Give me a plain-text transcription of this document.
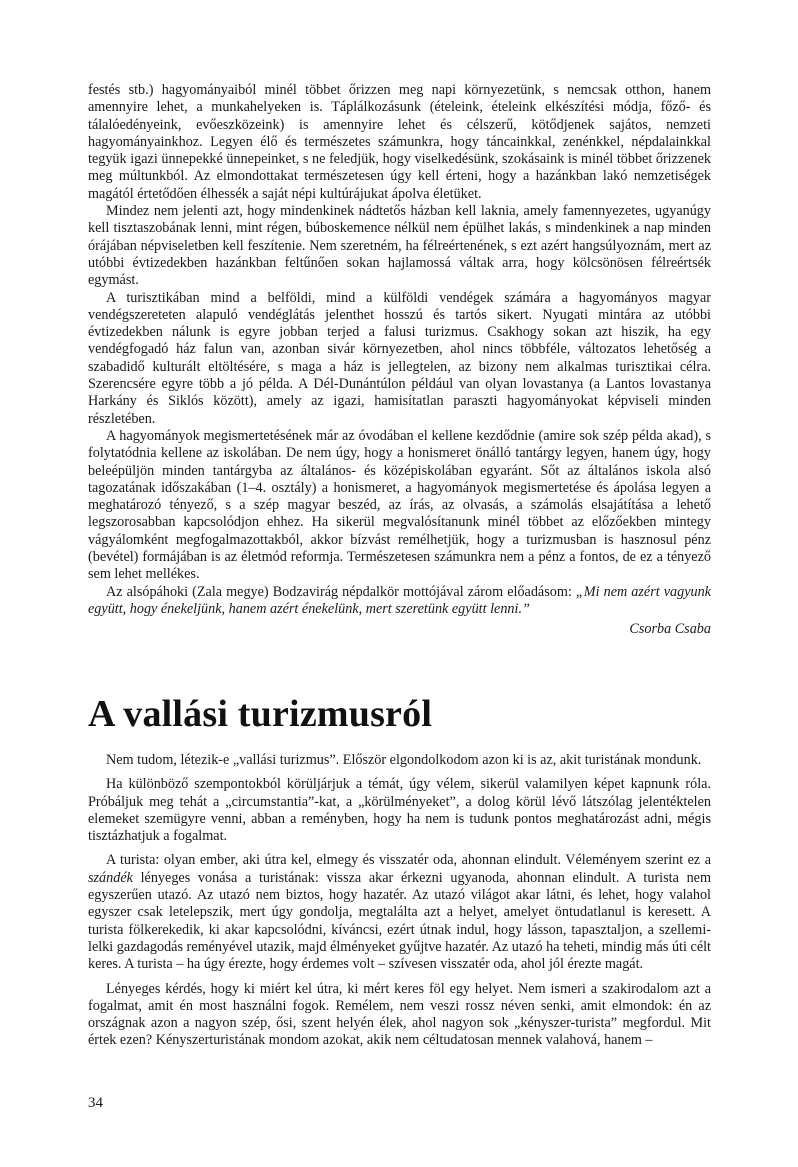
festés stb.) hagyományaiból minél többet őrizzen meg napi környezetünk, s nemcsak otthon, hanem amennyire lehet, a munkahelyeken is. Táplálkozásunk (ételeink, ételeink elkészítési módja, főző- és tálalóedényeink, evőeszközeink) is amennyire lehet és célszerű, kötődjenek sajátos, nemzeti hagyományainkhoz. Legyen élő és természetes számunkra, hogy táncainkkal, zenénkkel, népdalainkkal tegyük igazi ünnepekké ünnepeinket, s ne feledjük, hogy viselkedésünk, szokásaink is minél többet őrizzenek meg múltunkból. Az elmondottakat természetesen úgy kell érteni, hogy a hazánkban lakó nemzetiségek magától értetődően élhessék a saját népi kultúrájukat ápolva életüket.

Mindez nem jelenti azt, hogy mindenkinek nádtetős házban kell laknia, amely famennyezetes, ugyanúgy kell tisztaszobának lenni, mint régen, búboskemence nélkül nem épülhet lakás, s mindenkinek a nap minden órájában népviseletben kell feszítenie. Nem szeretném, ha félreértenének, s ezt azért hangsúlyoznám, mert az utóbbi évtizedekben hazánkban feltűnően sokan hajlamossá váltak arra, hogy kölcsönösen félreértsék egymást.

A turisztikában mind a belföldi, mind a külföldi vendégek számára a hagyományos magyar vendégszereteten alapuló vendéglátás jelenthet hosszú és tartós sikert. Nyugati mintára az utóbbi évtizedekben nálunk is egyre jobban terjed a falusi turizmus. Csakhogy sokan azt hiszik, ha egy vendégfogadó ház falun van, azonban sivár környezetben, ahol nincs többféle, változatos lehetőség a szabadidő kulturált eltöltésére, s maga a ház is jellegtelen, az bizony nem alkalmas turisztikai célra. Szerencsére egyre több a jó példa. A Dél-Dunántúlon például van olyan lovastanya (a Lantos lovastanya Harkány és Siklós között), amely az igazi, hamisítatlan paraszti hagyományokat képviseli minden részletében.

A hagyományok megismertetésének már az óvodában el kellene kezdődnie (amire sok szép példa akad), s folytatódnia kellene az iskolában. De nem úgy, hogy a honismeret önálló tantárgy legyen, hanem úgy, hogy beleépüljön minden tantárgyba az általános- és középiskolában egyaránt. Sőt az általános iskola alsó tagozatának időszakában (1–4. osztály) a honismeret, a hagyományok megismertetése és ápolása legyen a meghatározó tényező, s a szép magyar beszéd, az írás, az olvasás, a számolás elsajátítása a lehető legszorosabban kapcsolódjon ehhez. Ha sikerül megvalósítanunk minél többet az előzőekben mintegy vágyálomként megfogalmazottakból, akkor bízvást remélhetjük, hogy a turizmusban is hasznosul pénz (bevétel) formájában is az életmód reformja. Természetesen számunkra nem a pénz a fontos, de ez a tényező sem lehet mellékes.

Az alsópáhoki (Zala megye) Bodzavirág népdalkör mottójával zárom előadásom: „Mi nem azért vagyunk együtt, hogy énekeljünk, hanem azért énekelünk, mert szeretünk együtt lenni.”

Csorba Csaba
A vallási turizmusról

Nem tudom, létezik-e „vallási turizmus”. Először elgondolkodom azon ki is az, akit turistának mondunk.

Ha különböző szempontokból körüljárjuk a témát, úgy vélem, sikerül valamilyen képet kapnunk róla. Próbáljuk meg tehát a „circumstantia”-kat, a „körülményeket”, a dolog körül lévő látszólag jelentéktelen elemeket szemügyre venni, abban a reményben, hogy ha nem is tudunk pontos meghatározást adni, mégis tisztázhatjuk a fogalmat.

A turista: olyan ember, aki útra kel, elmegy és visszatér oda, ahonnan elindult. Véleményem szerint ez a szándék lényeges vonása a turistának: vissza akar érkezni ugyanoda, ahonnan elindult. A turista nem egyszerűen utazó. Az utazó nem biztos, hogy hazatér. Az utazó világot akar látni, és lehet, hogy valahol egyszer csak letelepszik, mert úgy gondolja, megtalálta azt a helyet, amelyet öntudatlanul is keresett. A turista fölkerekedik, ki akar kapcsolódni, kíváncsi, ezért útnak indul, hogy lásson, tapasztaljon, a szellemi-lelki gazdagodás reményével utazik, majd élményeket gyűjtve hazatér. Az utazó ha teheti, mindig más úti célt keres. A turista – ha úgy érezte, hogy érdemes volt – szívesen visszatér oda, ahol jól érezte magát.

Lényeges kérdés, hogy ki miért kel útra, ki mért keres föl egy helyet. Nem ismeri a szakirodalom azt a fogalmat, amit én most használni fogok. Remélem, nem veszi rossz néven senki, amit elmondok: én az országnak azon a nagyon szép, ősi, szent helyén élek, ahol nagyon sok „kényszer-turista” megfordul. Mit értek ezen? Kényszerturistának mondom azokat, akik nem céltudatosan mennek valahová, hanem –

34
